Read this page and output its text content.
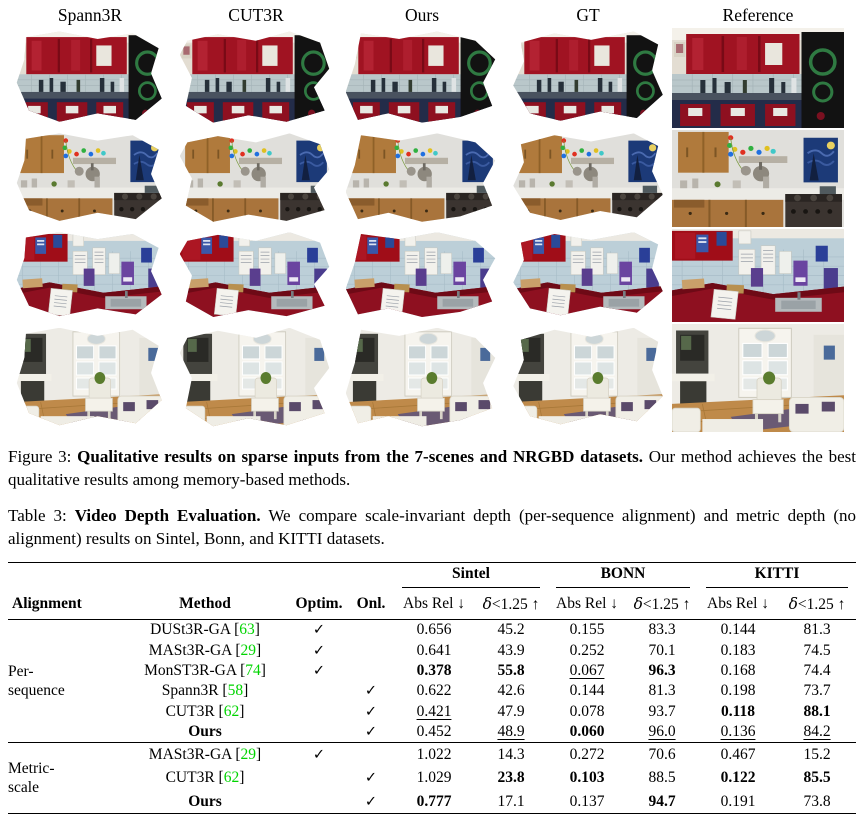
Spann3R	CUT3R	Ours	GT	Reference

Figure 3: Qualitative results on sparse inputs from the 7-scenes and NRGBD datasets. Our method achieves the best qualitative results among memory-based methods.

Table 3: Video Depth Evaluation. We compare scale-invariant depth (per-sequence alignment) and metric depth (no alignment) results on Sintel, Bonn, and KITTI datasets.

				Sintel		BONN		KITTI	

Alignment	Method	Optim.	Onl.	Abs Rel ↓	δ<1.25 ↑	Abs Rel ↓	δ<1.25 ↑	Abs Rel ↓	δ<1.25 ↑

Per-
sequence	DUSt3R-GA [63]	✓		0.656	45.2	0.155	83.3	0.144	81.3
	MASt3R-GA [29]	✓		0.641	43.9	0.252	70.1	0.183	74.5
	MonST3R-GA [74]	✓		0.378	55.8	0.067	96.3	0.168	74.4
	Spann3R [58]		✓	0.622	42.6	0.144	81.3	0.198	73.7
	CUT3R [62]		✓	0.421	47.9	0.078	93.7	0.118	88.1
	Ours		✓	0.452	48.9	0.060	96.0	0.136	84.2

Metric-
scale	MASt3R-GA [29]	✓		1.022	14.3	0.272	70.6	0.467	15.2
	CUT3R [62]		✓	1.029	23.8	0.103	88.5	0.122	85.5
	Ours		✓	0.777	17.1	0.137	94.7	0.191	73.8
